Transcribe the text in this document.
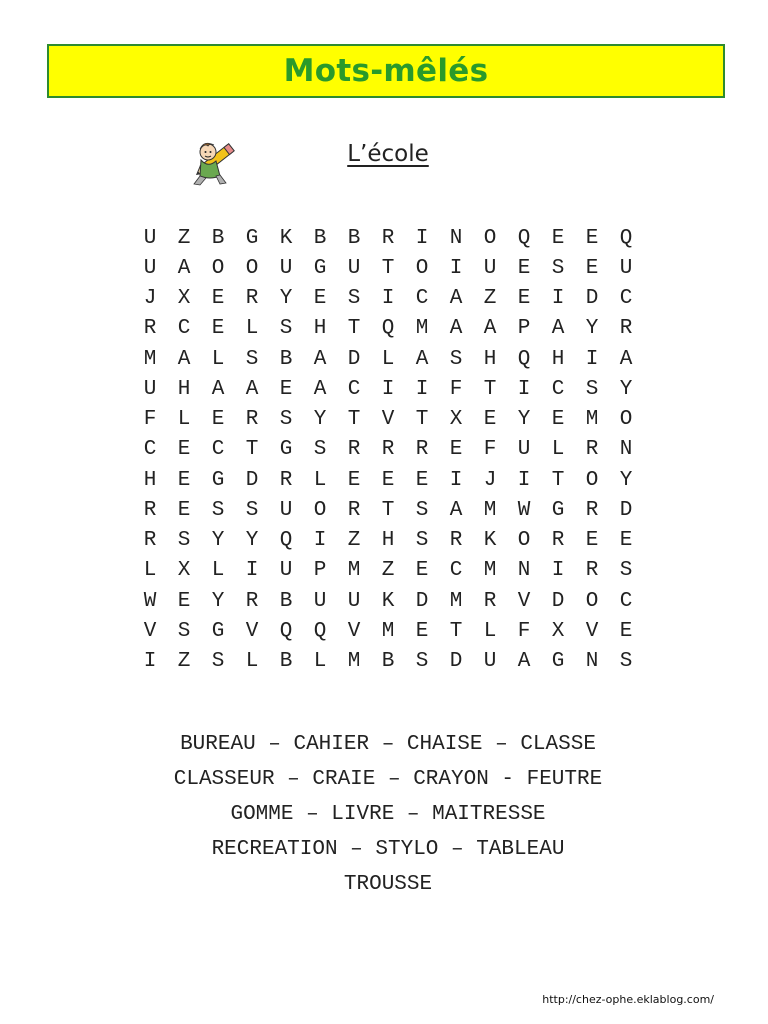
Mots-mêlés
L’école
U	Z	B	G	K	B	B	R	I	N	O	Q	E	E	Q
U	A	O	O	U	G	U	T	O	I	U	E	S	E	U
J	X	E	R	Y	E	S	I	C	A	Z	E	I	D	C
R	C	E	L	S	H	T	Q	M	A	A	P	A	Y	R
M	A	L	S	B	A	D	L	A	S	H	Q	H	I	A
U	H	A	A	E	A	C	I	I	F	T	I	C	S	Y
F	L	E	R	S	Y	T	V	T	X	E	Y	E	M	O
C	E	C	T	G	S	R	R	R	E	F	U	L	R	N
H	E	G	D	R	L	E	E	E	I	J	I	T	O	Y
R	E	S	S	U	O	R	T	S	A	M	W	G	R	D
R	S	Y	Y	Q	I	Z	H	S	R	K	O	R	E	E
L	X	L	I	U	P	M	Z	E	C	M	N	I	R	S
W	E	Y	R	B	U	U	K	D	M	R	V	D	O	C
V	S	G	V	Q	Q	V	M	E	T	L	F	X	V	E
I	Z	S	L	B	L	M	B	S	D	U	A	G	N	S
BUREAU – CAHIER – CHAISE – CLASSE
CLASSEUR – CRAIE – CRAYON - FEUTRE
GOMME – LIVRE – MAITRESSE
RECREATION – STYLO – TABLEAU
TROUSSE
http://chez-ophe.eklablog.com/
